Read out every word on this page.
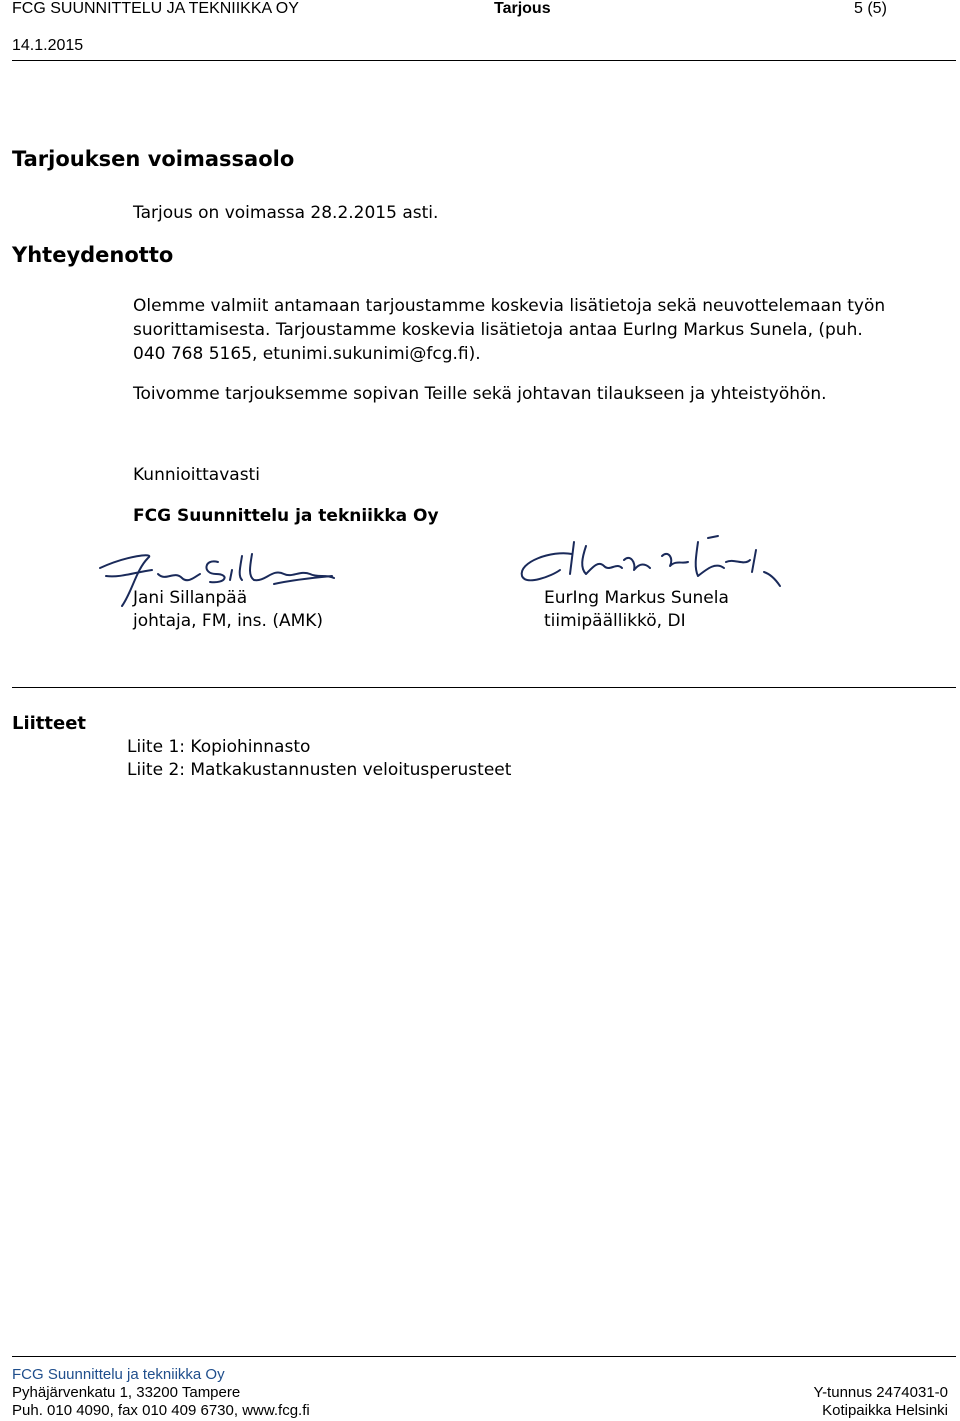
FCG SUUNNITTELU JA TEKNIIKKA OY	Tarjous	5 (5)
14.1.2015
Tarjouksen voimassaolo
Tarjous on voimassa 28.2.2015 asti.
Yhteydenotto
Olemme valmiit antamaan tarjoustamme koskevia lisätietoja sekä neuvottelemaan työn
suorittamisesta. Tarjoustamme koskevia lisätietoja antaa EurIng Markus Sunela, (puh.
040 768 5165, etunimi.sukunimi@fcg.fi).
Toivomme tarjouksemme sopivan Teille sekä johtavan tilaukseen ja yhteistyöhön.
Kunnioittavasti
FCG Suunnittelu ja tekniikka Oy
Jani Sillanpää
johtaja, FM, ins. (AMK)
EurIng Markus Sunela
tiimipäällikkö, DI
Liitteet
Liite 1: Kopiohinnasto
Liite 2: Matkakustannusten veloitusperusteet
FCG Suunnittelu ja tekniikka Oy
Pyhäjärvenkatu 1, 33200 Tampere
Puh. 010 4090, fax 010 409 6730, www.fcg.fi
Y-tunnus 2474031-0
Kotipaikka Helsinki
